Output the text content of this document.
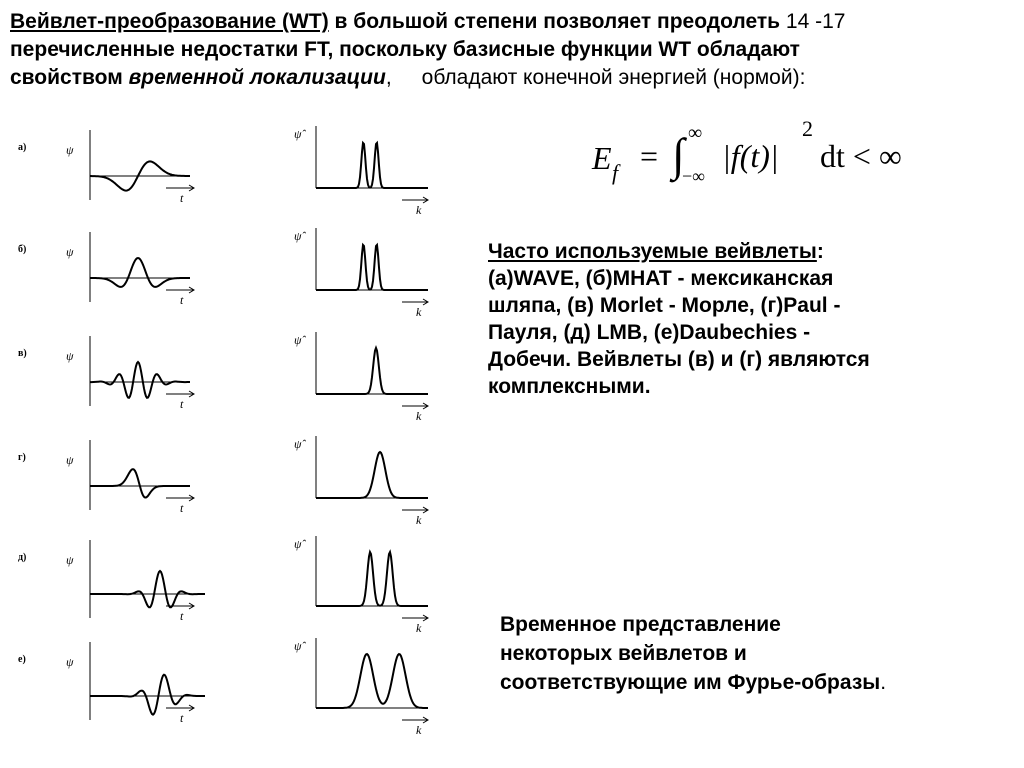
Вейвлет-преобразование (WT) в большой степени позволяет преодолеть 14 -17
перечисленные недостатки FT, поскольку базисные функции WT обладают
свойством временной локализации, обладают конечной энергией (нормой):
E f = ∫ ∞
−∞
|f(t)|
2
dt < ∞
Часто используемые вейвлеты:
(a)WAVE, (б)MHAT - мексиканская
шляпа, (в) Morlet - Морле, (г)Paul -
Пауля, (д) LMB, (е)Daubechies -
Добечи. Вейвлеты (в) и (г) являются
комплексными.
Временное представление
некоторых вейвлетов и
соответствующие им Фурье-образы.
а)	ψ
t
ψ̂
k
б)	ψ
t
ψ̂
k
в)	ψ
t
ψ̂
k
г)	ψ
t
ψ̂
k
д)	ψ
t
ψ̂
k
е)	ψ
t
ψ̂
k
